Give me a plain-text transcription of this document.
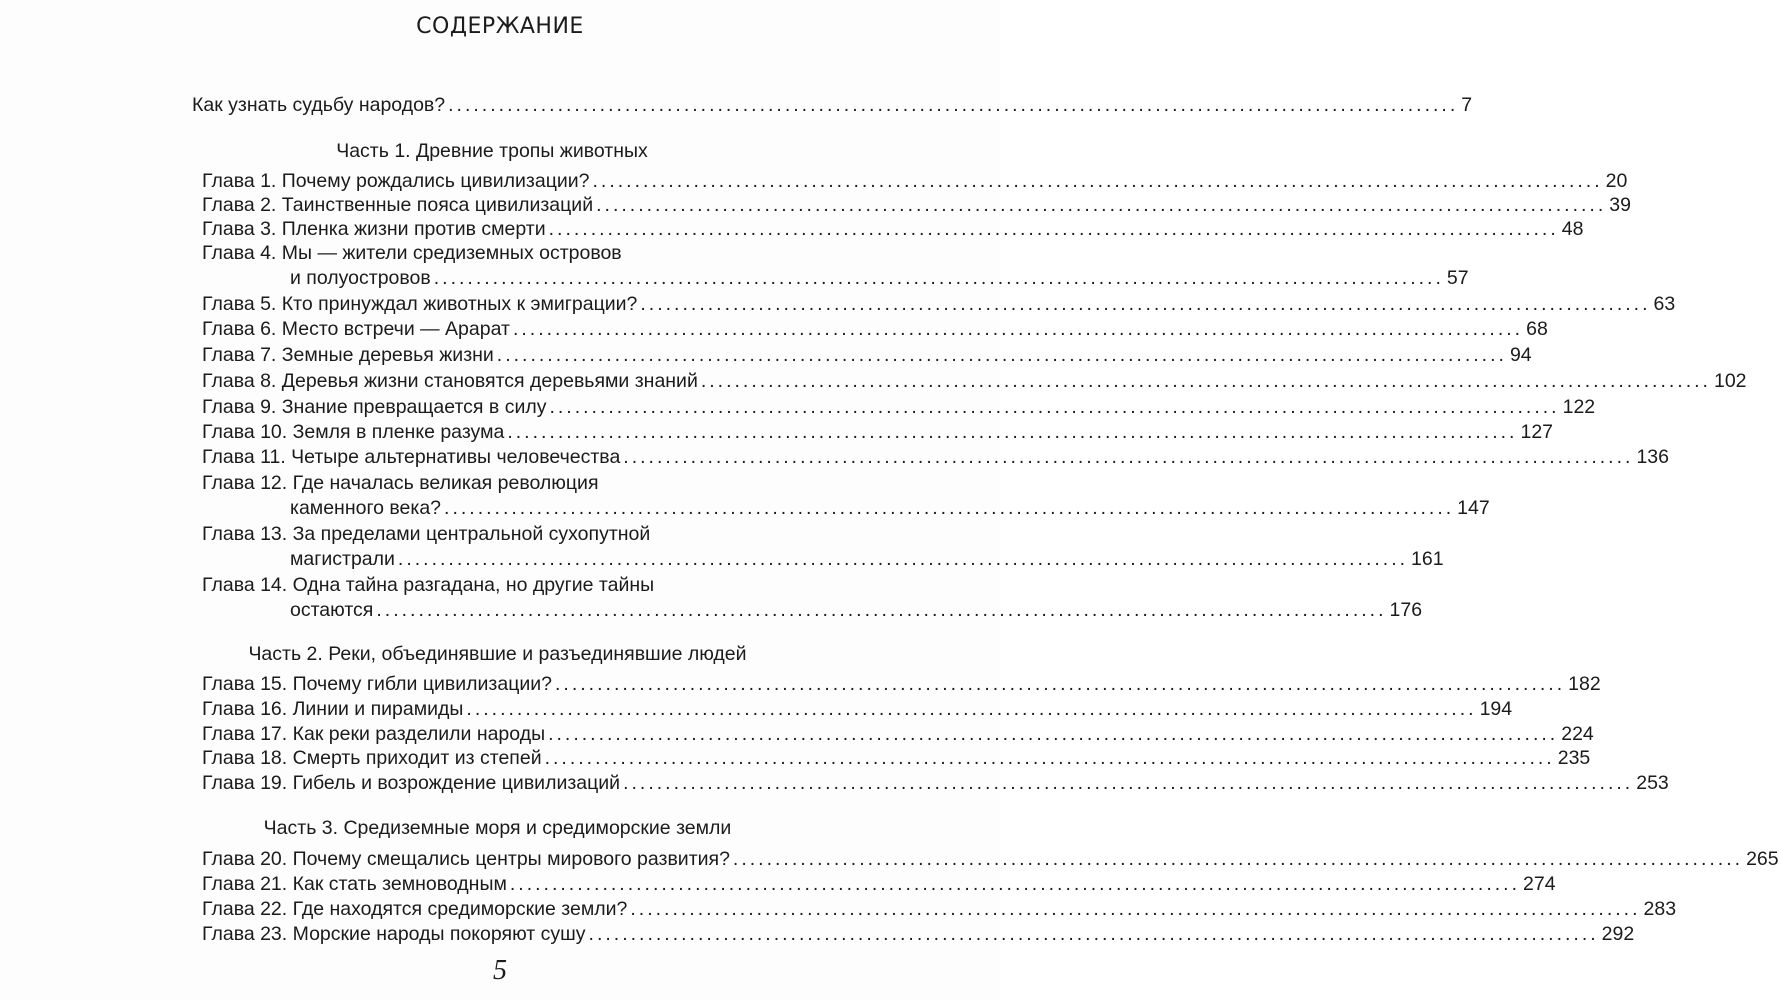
СОДЕРЖАНИЕ
Как узнать судьбу народов? ........................................................................................................................ 7
Часть 1. Древние тропы животных
Глава 1. Почему рождались цивилизации? ........................................................................................................................ 20
Глава 2. Таинственные пояса цивилизаций ........................................................................................................................ 39
Глава 3. Пленка жизни против смерти ........................................................................................................................ 48
Глава 4. Мы — жители средиземных островов
и полуостровов ........................................................................................................................ 57
Глава 5. Кто принуждал животных к эмиграции? ........................................................................................................................ 63
Глава 6. Место встречи — Арарат ........................................................................................................................ 68
Глава 7. Земные деревья жизни ........................................................................................................................ 94
Глава 8. Деревья жизни становятся деревьями знаний ........................................................................................................................ 102
Глава 9. Знание превращается в силу ........................................................................................................................ 122
Глава 10. Земля в пленке разума ........................................................................................................................ 127
Глава 11. Четыре альтернативы человечества ........................................................................................................................ 136
Глава 12. Где началась великая революция
каменного века? ........................................................................................................................ 147
Глава 13. За пределами центральной сухопутной
магистрали ........................................................................................................................ 161
Глава 14. Одна тайна разгадана, но другие тайны
остаются ........................................................................................................................ 176
Часть 2. Реки, объединявшие и разъединявшие людей
Глава 15. Почему гибли цивилизации? ........................................................................................................................ 182
Глава 16. Линии и пирамиды ........................................................................................................................ 194
Глава 17. Как реки разделили народы ........................................................................................................................ 224
Глава 18. Смерть приходит из степей ........................................................................................................................ 235
Глава 19. Гибель и возрождение цивилизаций ........................................................................................................................ 253
Часть 3. Средиземные моря и средиморские земли
Глава 20. Почему смещались центры мирового развития? ........................................................................................................................ 265
Глава 21. Как стать земноводным ........................................................................................................................ 274
Глава 22. Где находятся средиморские земли? ........................................................................................................................ 283
Глава 23. Морские народы покоряют сушу ........................................................................................................................ 292
5
